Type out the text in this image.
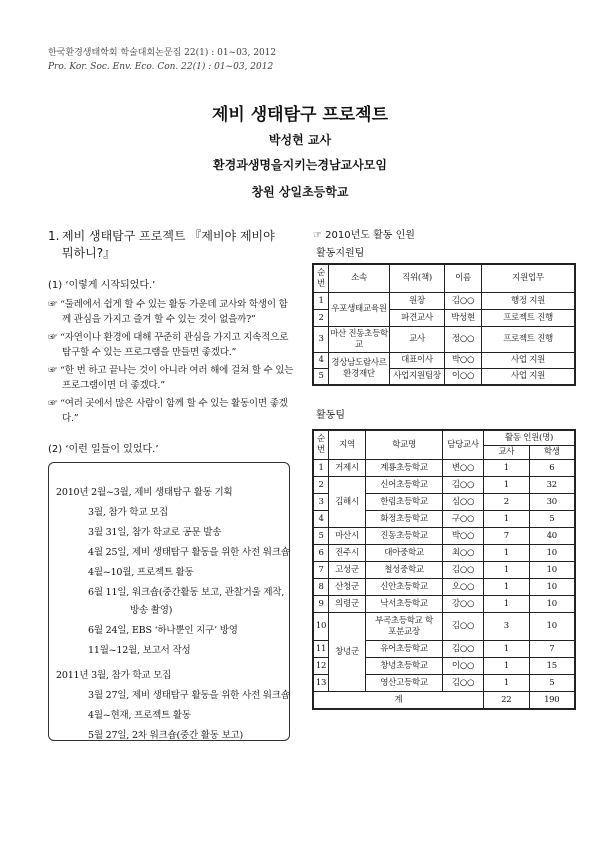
한국환경생태학회 학술대회논문집 22(1) : 01~03, 2012
Pro. Kor. Soc. Env. Eco. Con. 22(1) : 01~03, 2012
제비 생태탐구 프로젝트
박성현 교사
환경과생명을지키는경남교사모임
창원 상일초등학교
1. 제비 생태탐구 프로젝트 『제비야 제비야
뭐하니?』
(1) ‘이렇게 시작되었다.’
☞ “둘레에서 쉽게 할 수 있는 활동 가운데 교사와 학생이 함께 관심을 가지고 즐겨 할 수 있는 것이 없을까?”
☞ “자연이나 환경에 대해 꾸준히 관심을 가지고 지속적으로 탐구할 수 있는 프로그램을 만들면 좋겠다.”
☞ “한 번 하고 끝나는 것이 아니라 여러 해에 걸쳐 할 수 있는 프로그램이면 더 좋겠다.”
☞ “여러 곳에서 많은 사람이 함께 할 수 있는 활동이면 좋겠다.”
(2) ‘이런 일들이 있었다.’
2010년 2월~3월, 제비 생태탐구 활동 기획
3월, 참가 학교 모집
3월 31일, 참가 학교로 공문 발송
4월 25일, 제비 생태탐구 활동을 위한 사전 워크숍
4월~10월, 프로젝트 활동
6월 11일, 워크숍(중간활동 보고, 관찰거울 제작,
방송 촬영)
6월 24일, EBS ‘하나뿐인 지구’ 방영
11월~12월, 보고서 작성
2011년 3월, 참가 학교 모집
3월 27일, 제비 생태탐구 활동을 위한 사전 워크숍
4월~현재, 프로젝트 활동
5월 27일, 2차 워크숍(중간 활동 보고)
☞ 2010년도 활동 인원
활동지원팀
순번	소속	직위(책)	이름	지원업무
1	우포생태교육원	원장	김○○	행정 지원
2		파견교사	박성현	프로젝트 진행
3	마산 진동초등학교	교사	정○○	프로젝트 진행
4	경상남도람사르환경재단	대표이사	박○○	사업 지원
5		사업지원팀장	이○○	사업 지원
활동팀
순번	지역	학교명	담당교사	활동 인원(명)	
				교사	학생
1	거제시	계룡초등학교	변○○	1	6
2	김해시	신어초등학교	김○○	1	32
3		한림초등학교	심○○	2	30
4		화정초등학교	구○○	1	5
5	마산시	진동초등학교	박○○	7	40
6	진주시	대아중학교	최○○	1	10
7	고성군	철성중학교	김○○	1	10
8	산청군	신안초등학교	오○○	1	10
9	의령군	낙서초등학교	강○○	1	10
10	창녕군	부곡초등학교 학포분교장	김○○	3	10
11		유어초등학교	김○○	1	7
12		창녕초등학교	이○○	1	15
13		영산고등학교	김○○	1	5
계				22	190
